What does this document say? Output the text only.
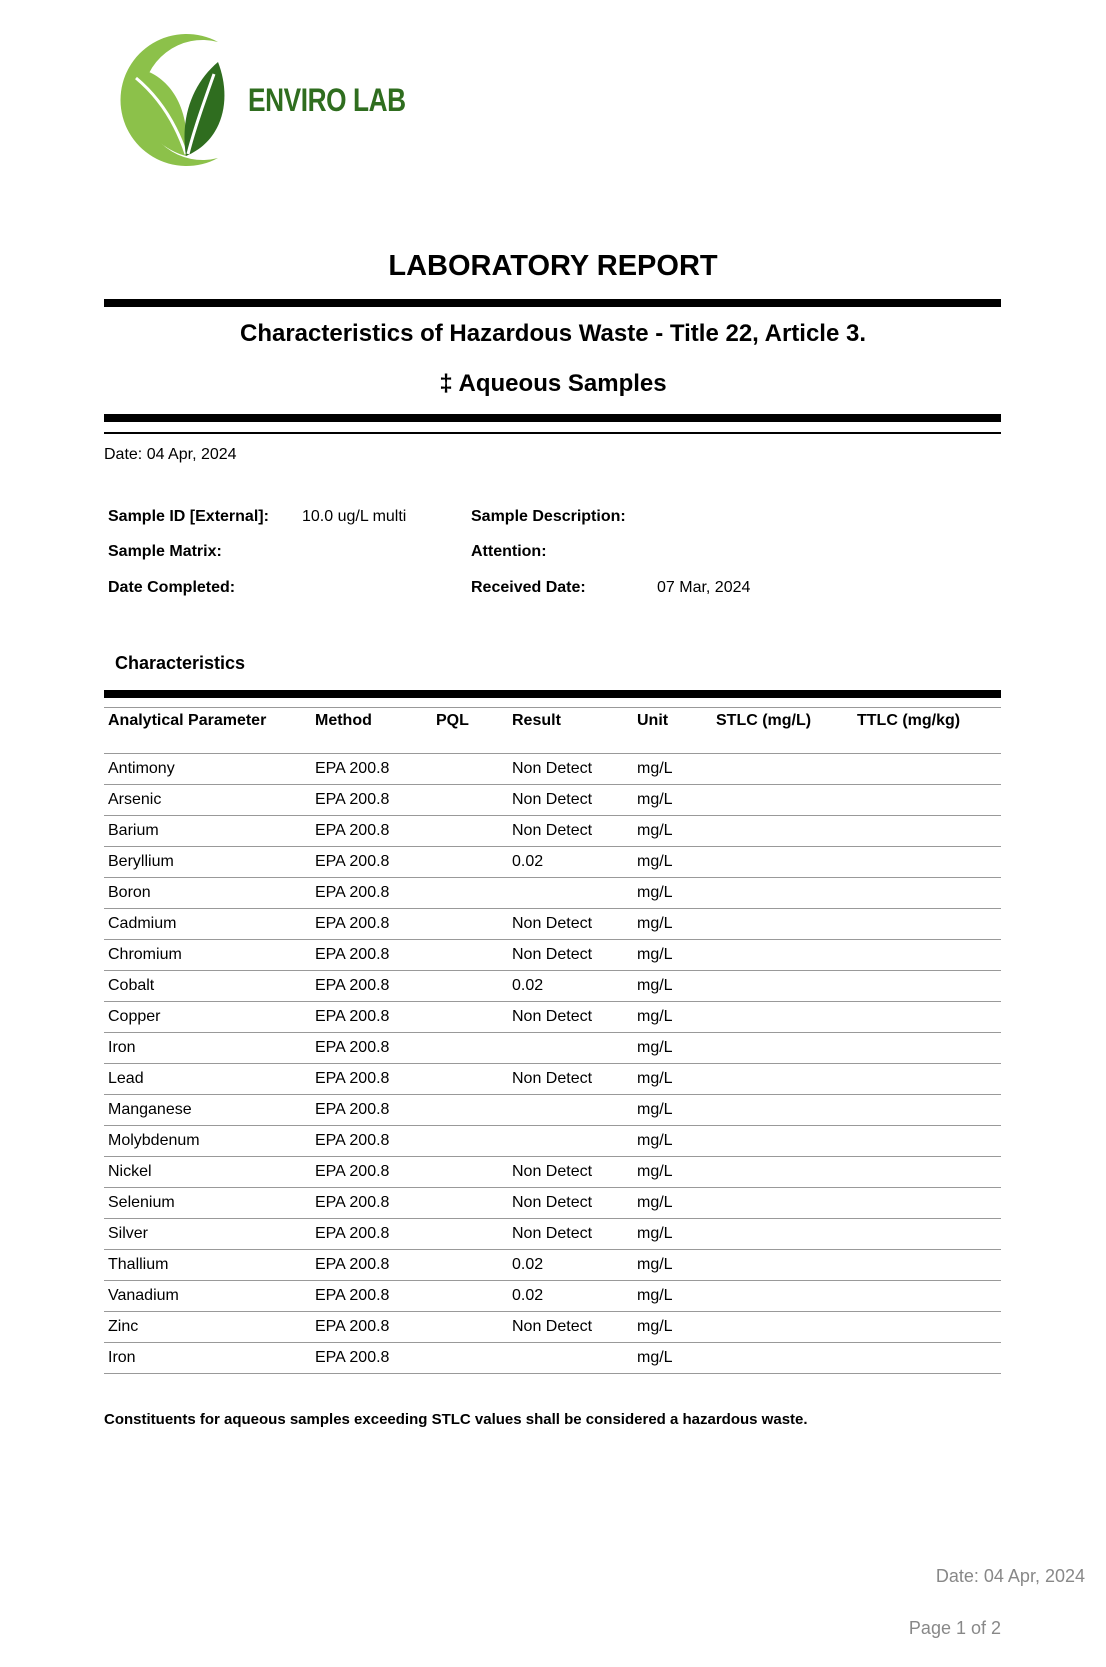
ENVIRO LAB
LABORATORY REPORT
Characteristics of Hazardous Waste - Title 22, Article 3.
‡ Aqueous Samples
Date: 04 Apr, 2024
Sample ID [External]: 10.0 ug/L multi	Sample Description:
Sample Matrix:	Attention:
Date Completed:	Received Date:	07 Mar, 2024
Characteristics
Analytical Parameter	Method	PQL	Result	Unit	STLC (mg/L)	TTLC (mg/kg)
Antimony	EPA 200.8		Non Detect	mg/L		
Arsenic	EPA 200.8		Non Detect	mg/L		
Barium	EPA 200.8		Non Detect	mg/L		
Beryllium	EPA 200.8		0.02	mg/L		
Boron	EPA 200.8			mg/L		
Cadmium	EPA 200.8		Non Detect	mg/L		
Chromium	EPA 200.8		Non Detect	mg/L		
Cobalt	EPA 200.8		0.02	mg/L		
Copper	EPA 200.8		Non Detect	mg/L		
Iron	EPA 200.8			mg/L		
Lead	EPA 200.8		Non Detect	mg/L		
Manganese	EPA 200.8			mg/L		
Molybdenum	EPA 200.8			mg/L		
Nickel	EPA 200.8		Non Detect	mg/L		
Selenium	EPA 200.8		Non Detect	mg/L		
Silver	EPA 200.8		Non Detect	mg/L		
Thallium	EPA 200.8		0.02	mg/L		
Vanadium	EPA 200.8		0.02	mg/L		
Zinc	EPA 200.8		Non Detect	mg/L		
Iron	EPA 200.8			mg/L		
Constituents for aqueous samples exceeding STLC values shall be considered a hazardous waste.
Date: 04 Apr, 2024
Page 1 of 2
